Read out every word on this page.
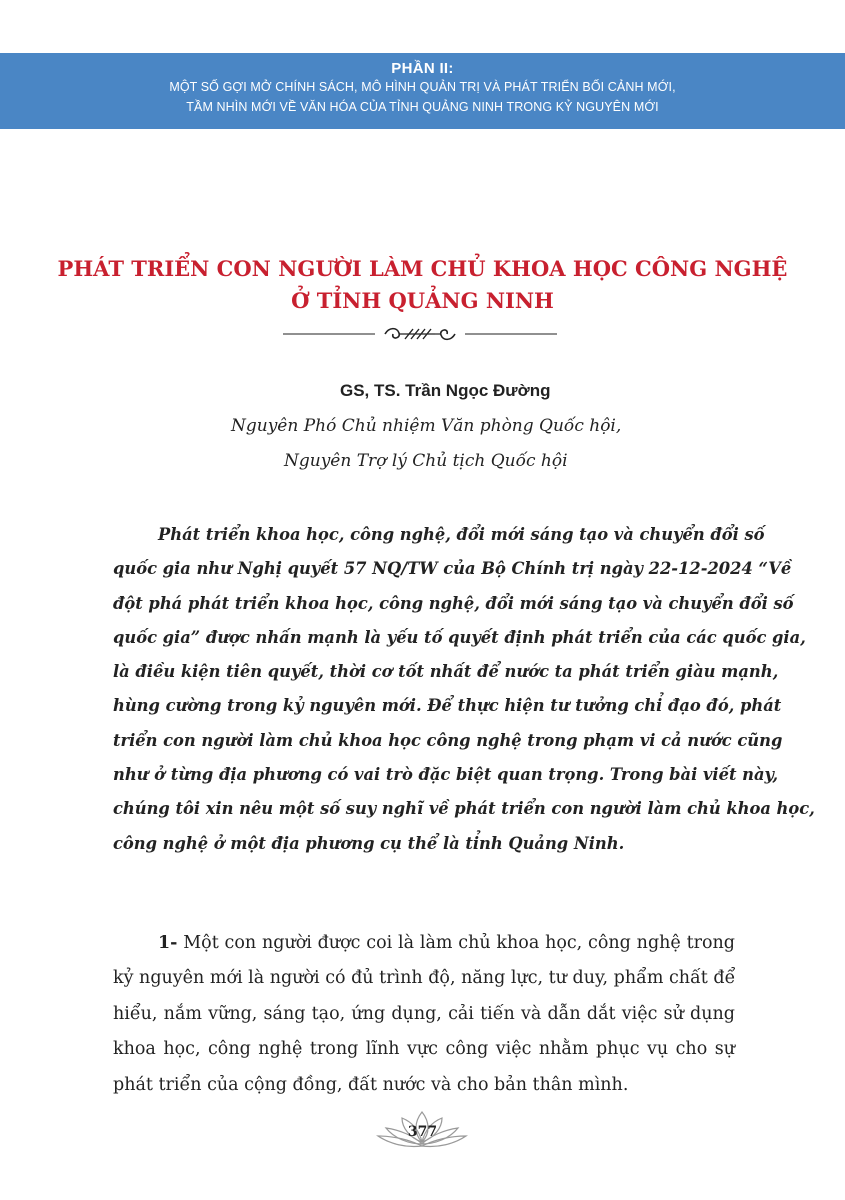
PHẦN II:
MỘT SỐ GỢI MỞ CHÍNH SÁCH, MÔ HÌNH QUẢN TRỊ VÀ PHÁT TRIỂN BỐI CẢNH MỚI,
TẦM NHÌN MỚI VỀ VĂN HÓA CỦA TỈNH QUẢNG NINH TRONG KỶ NGUYÊN MỚI
PHÁT TRIỂN CON NGƯỜI LÀM CHỦ KHOA HỌC CÔNG NGHỆ
Ở TỈNH QUẢNG NINH
GS, TS. Trần Ngọc Đường
Nguyên Phó Chủ nhiệm Văn phòng Quốc hội,
Nguyên Trợ lý Chủ tịch Quốc hội
Phát triển khoa học, công nghệ, đổi mới sáng tạo và chuyển đổi số
quốc gia như Nghị quyết 57 NQ/TW của Bộ Chính trị ngày 22-12-2024 “Về
đột phá phát triển khoa học, công nghệ, đổi mới sáng tạo và chuyển đổi số
quốc gia” được nhấn mạnh là yếu tố quyết định phát triển của các quốc gia,
là điều kiện tiên quyết, thời cơ tốt nhất để nước ta phát triển giàu mạnh,
hùng cường trong kỷ nguyên mới. Để thực hiện tư tưởng chỉ đạo đó, phát
triển con người làm chủ khoa học công nghệ trong phạm vi cả nước cũng
như ở từng địa phương có vai trò đặc biệt quan trọng. Trong bài viết này,
chúng tôi xin nêu một số suy nghĩ về phát triển con người làm chủ khoa học,
công nghệ ở một địa phương cụ thể là tỉnh Quảng Ninh.
1- Một con người được coi là làm chủ khoa học, công nghệ trong
kỷ nguyên mới là người có đủ trình độ, năng lực, tư duy, phẩm chất để
hiểu, nắm vững, sáng tạo, ứng dụng, cải tiến và dẫn dắt việc sử dụng
khoa học, công nghệ trong lĩnh vực công việc nhằm phục vụ cho sự
phát triển của cộng đồng, đất nước và cho bản thân mình.
377
